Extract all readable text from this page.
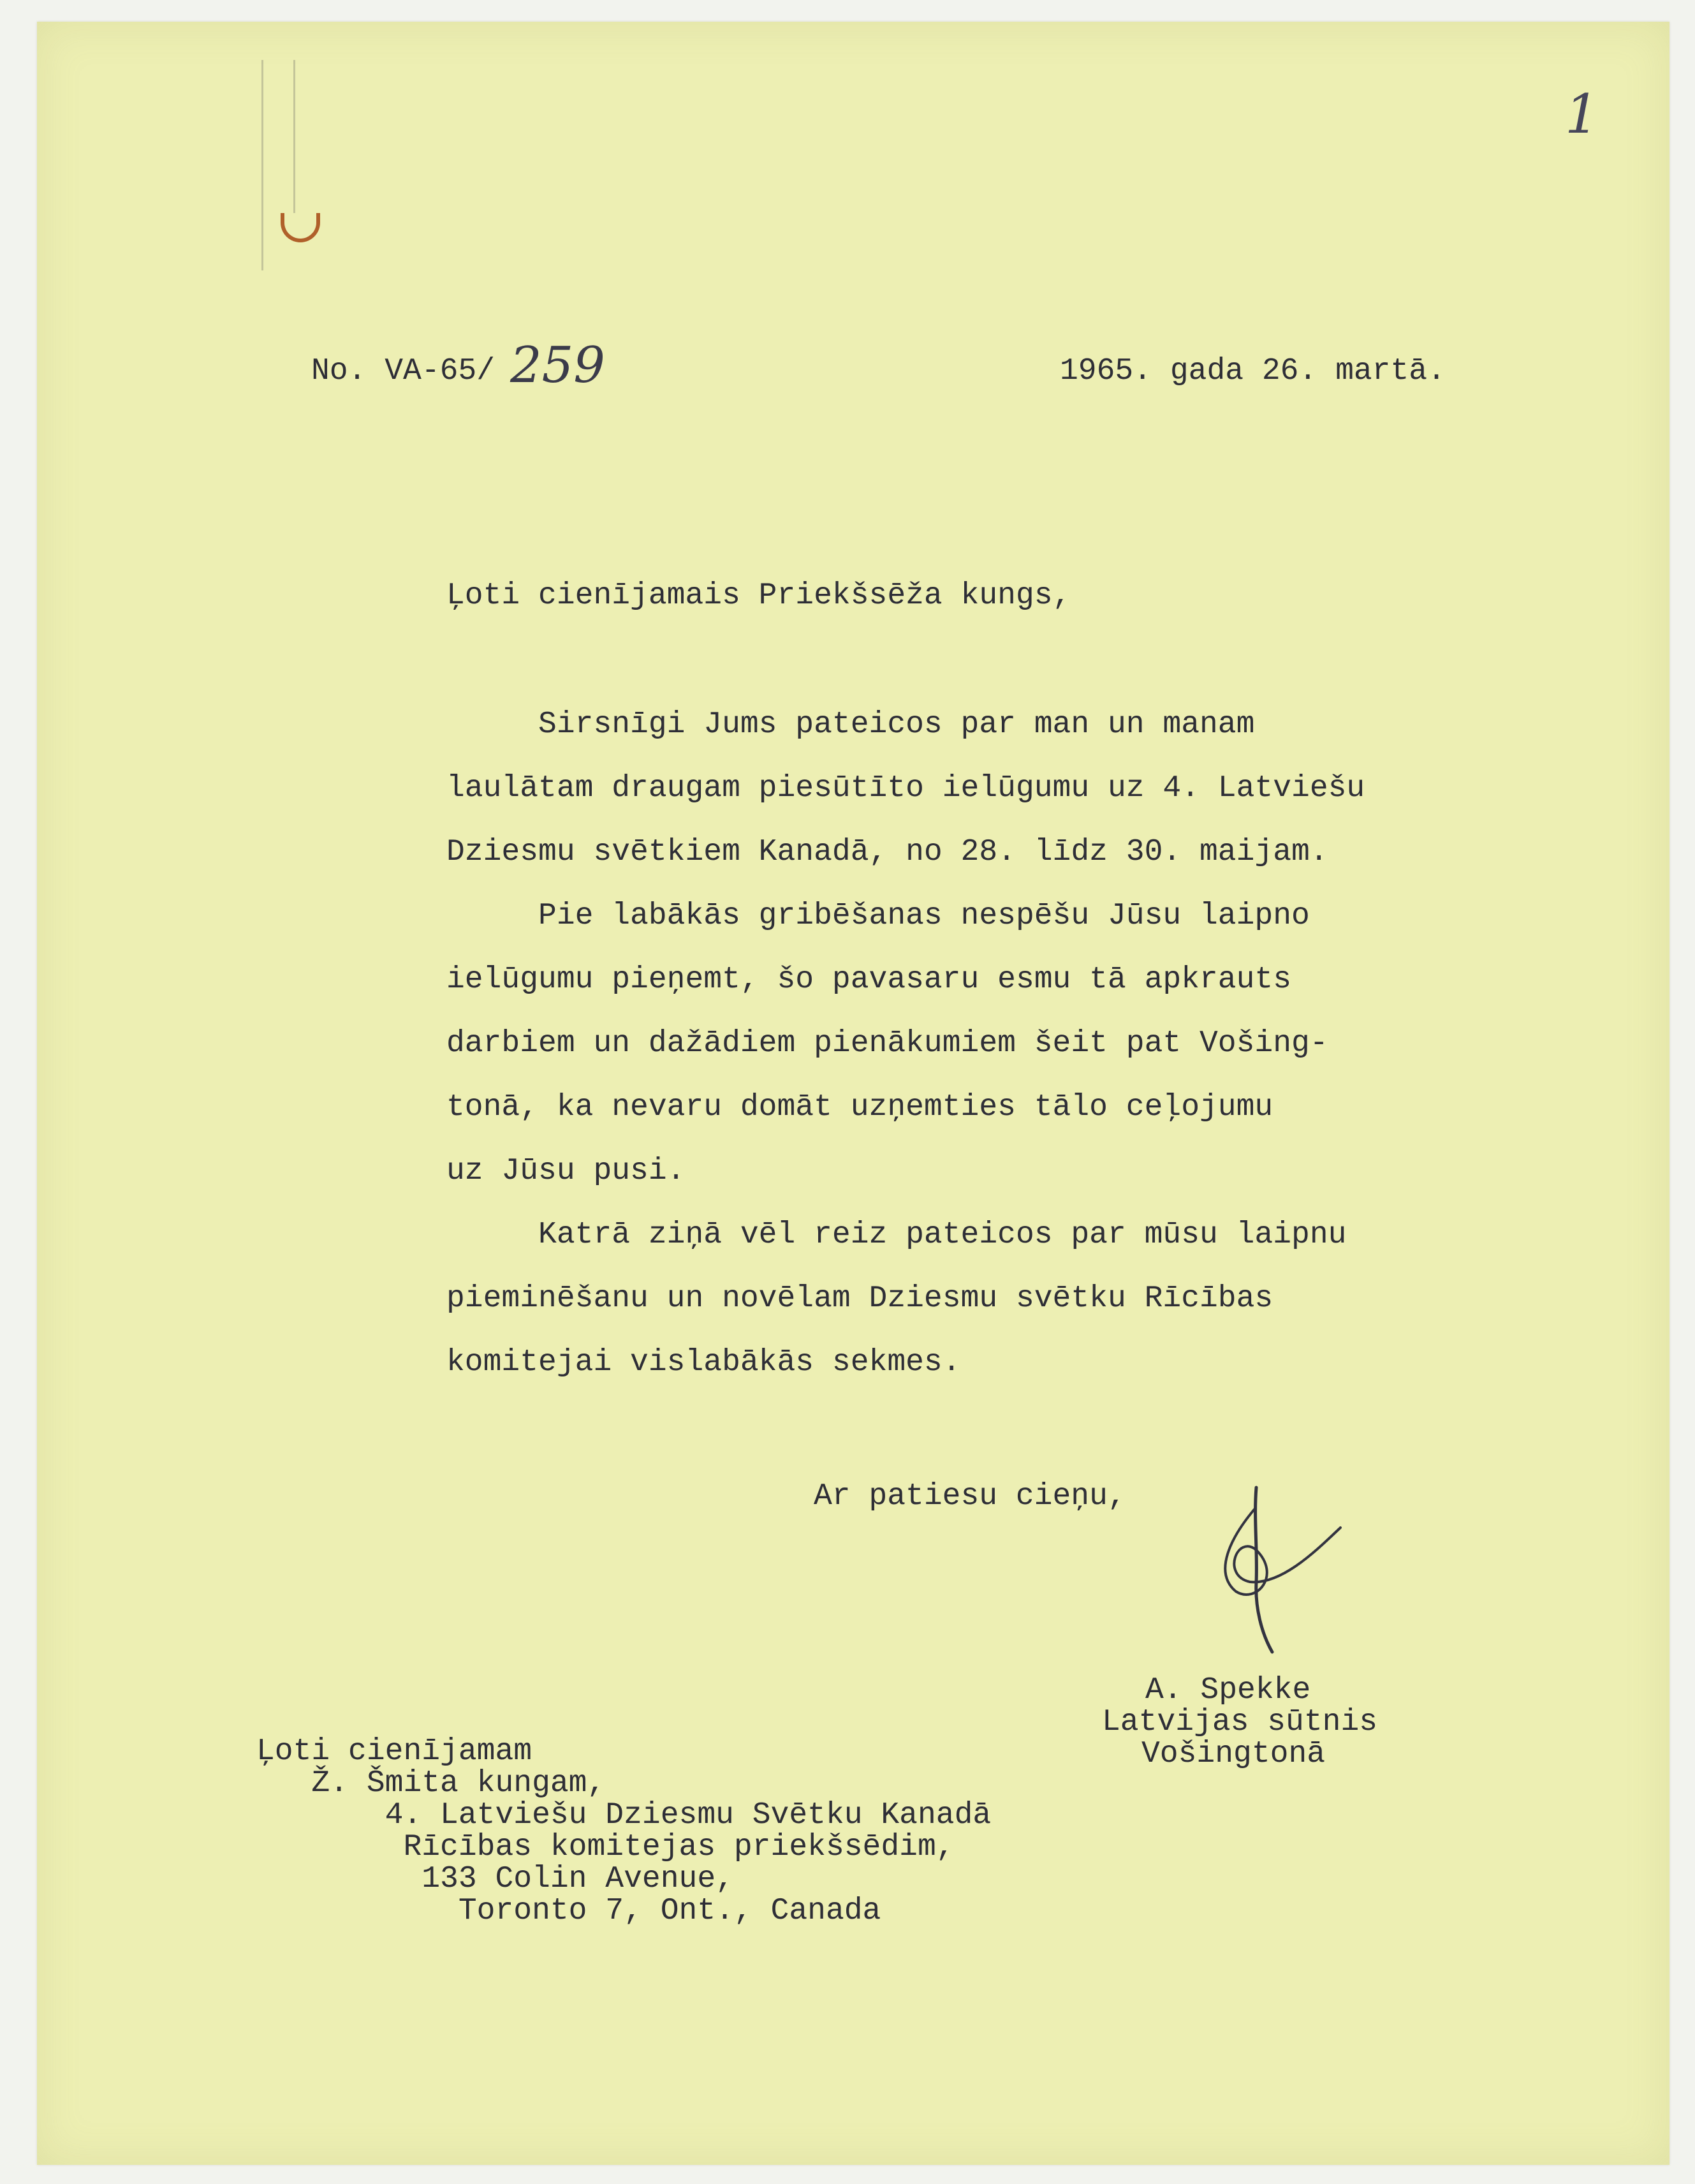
1
No. VA-65/ 259	1965. gada 26. martā.
Ļoti cienījamais Priekšsēža kungs,
Sirsnīgi Jums pateicos par man un manam
laulātam draugam piesūtīto ielūgumu uz 4. Latviešu
Dziesmu svētkiem Kanadā, no 28. līdz 30. maijam.
Pie labākās gribēšanas nespēšu Jūsu laipno
ielūgumu pieņemt, šo pavasaru esmu tā apkrauts
darbiem un dažādiem pienākumiem šeit pat Vošing-
tonā, ka nevaru domāt uzņemties tālo ceļojumu
uz Jūsu pusi.
Katrā ziņā vēl reiz pateicos par mūsu laipnu
pieminēšanu un novēlam Dziesmu svētku Rīcības
komitejai vislabākās sekmes.
Ar patiesu cieņu,
A. Spekke
Latvijas sūtnis
Vošingtonā
Ļoti cienījamam
Ž. Šmita kungam,
4. Latviešu Dziesmu Svētku Kanadā
Rīcības komitejas priekšsēdim,
133 Colin Avenue,
Toronto 7, Ont., Canada
